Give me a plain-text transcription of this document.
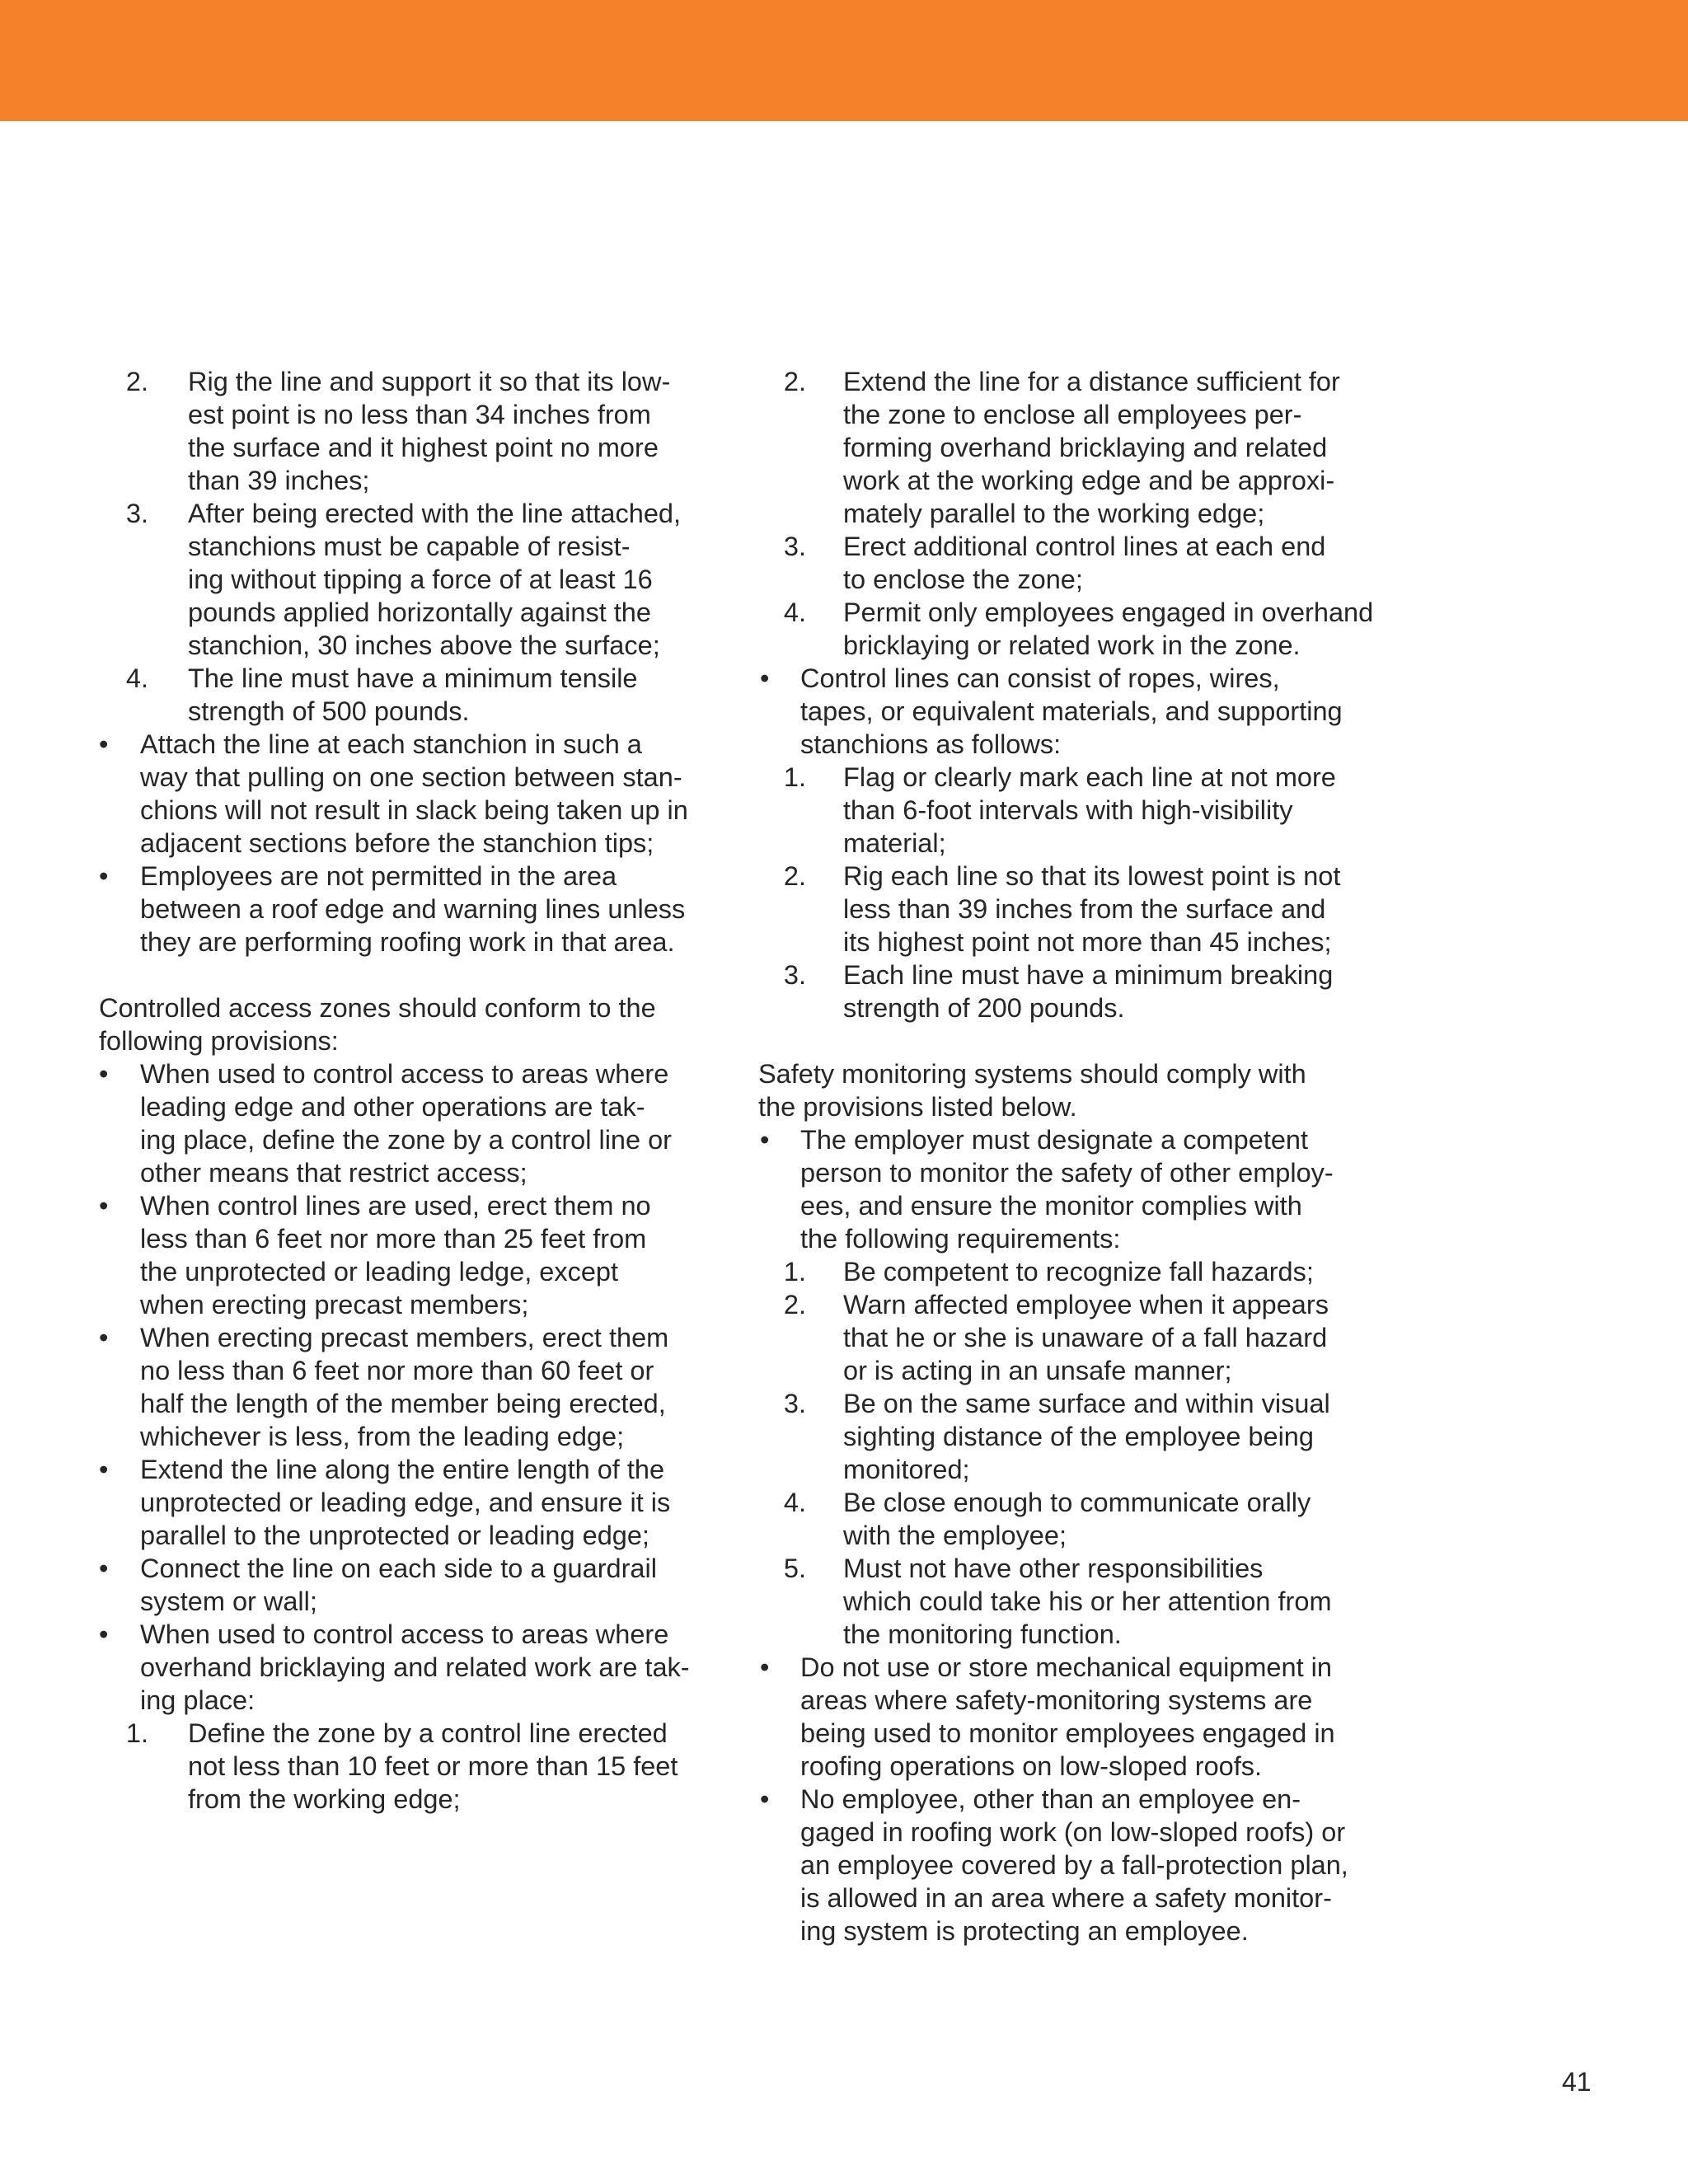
2. Rig the line and support it so that its low-
est point is no less than 34 inches from
the surface and it highest point no more
than 39 inches;
3. After being erected with the line attached,
stanchions must be capable of resist-
ing without tipping a force of at least 16
pounds applied horizontally against the
stanchion, 30 inches above the surface;
4. The line must have a minimum tensile
strength of 500 pounds.
• Attach the line at each stanchion in such a
way that pulling on one section between stan-
chions will not result in slack being taken up in
adjacent sections before the stanchion tips;
• Employees are not permitted in the area
between a roof edge and warning lines unless
they are performing roofing work in that area.
Controlled access zones should conform to the
following provisions:
• When used to control access to areas where
leading edge and other operations are tak-
ing place, define the zone by a control line or
other means that restrict access;
• When control lines are used, erect them no
less than 6 feet nor more than 25 feet from
the unprotected or leading ledge, except
when erecting precast members;
• When erecting precast members, erect them
no less than 6 feet nor more than 60 feet or
half the length of the member being erected,
whichever is less, from the leading edge;
• Extend the line along the entire length of the
unprotected or leading edge, and ensure it is
parallel to the unprotected or leading edge;
• Connect the line on each side to a guardrail
system or wall;
• When used to control access to areas where
overhand bricklaying and related work are tak-
ing place:
1. Define the zone by a control line erected
not less than 10 feet or more than 15 feet
from the working edge;
2. Extend the line for a distance sufficient for
the zone to enclose all employees per-
forming overhand bricklaying and related
work at the working edge and be approxi-
mately parallel to the working edge;
3. Erect additional control lines at each end
to enclose the zone;
4. Permit only employees engaged in overhand
bricklaying or related work in the zone.
• Control lines can consist of ropes, wires,
tapes, or equivalent materials, and supporting
stanchions as follows:
1. Flag or clearly mark each line at not more
than 6-foot intervals with high-visibility
material;
2. Rig each line so that its lowest point is not
less than 39 inches from the surface and
its highest point not more than 45 inches;
3. Each line must have a minimum breaking
strength of 200 pounds.
Safety monitoring systems should comply with
the provisions listed below.
• The employer must designate a competent
person to monitor the safety of other employ-
ees, and ensure the monitor complies with
the following requirements:
1. Be competent to recognize fall hazards;
2. Warn affected employee when it appears
that he or she is unaware of a fall hazard
or is acting in an unsafe manner;
3. Be on the same surface and within visual
sighting distance of the employee being
monitored;
4. Be close enough to communicate orally
with the employee;
5. Must not have other responsibilities
which could take his or her attention from
the monitoring function.
• Do not use or store mechanical equipment in
areas where safety-monitoring systems are
being used to monitor employees engaged in
roofing operations on low-sloped roofs.
• No employee, other than an employee en-
gaged in roofing work (on low-sloped roofs) or
an employee covered by a fall-protection plan,
is allowed in an area where a safety monitor-
ing system is protecting an employee.
41
